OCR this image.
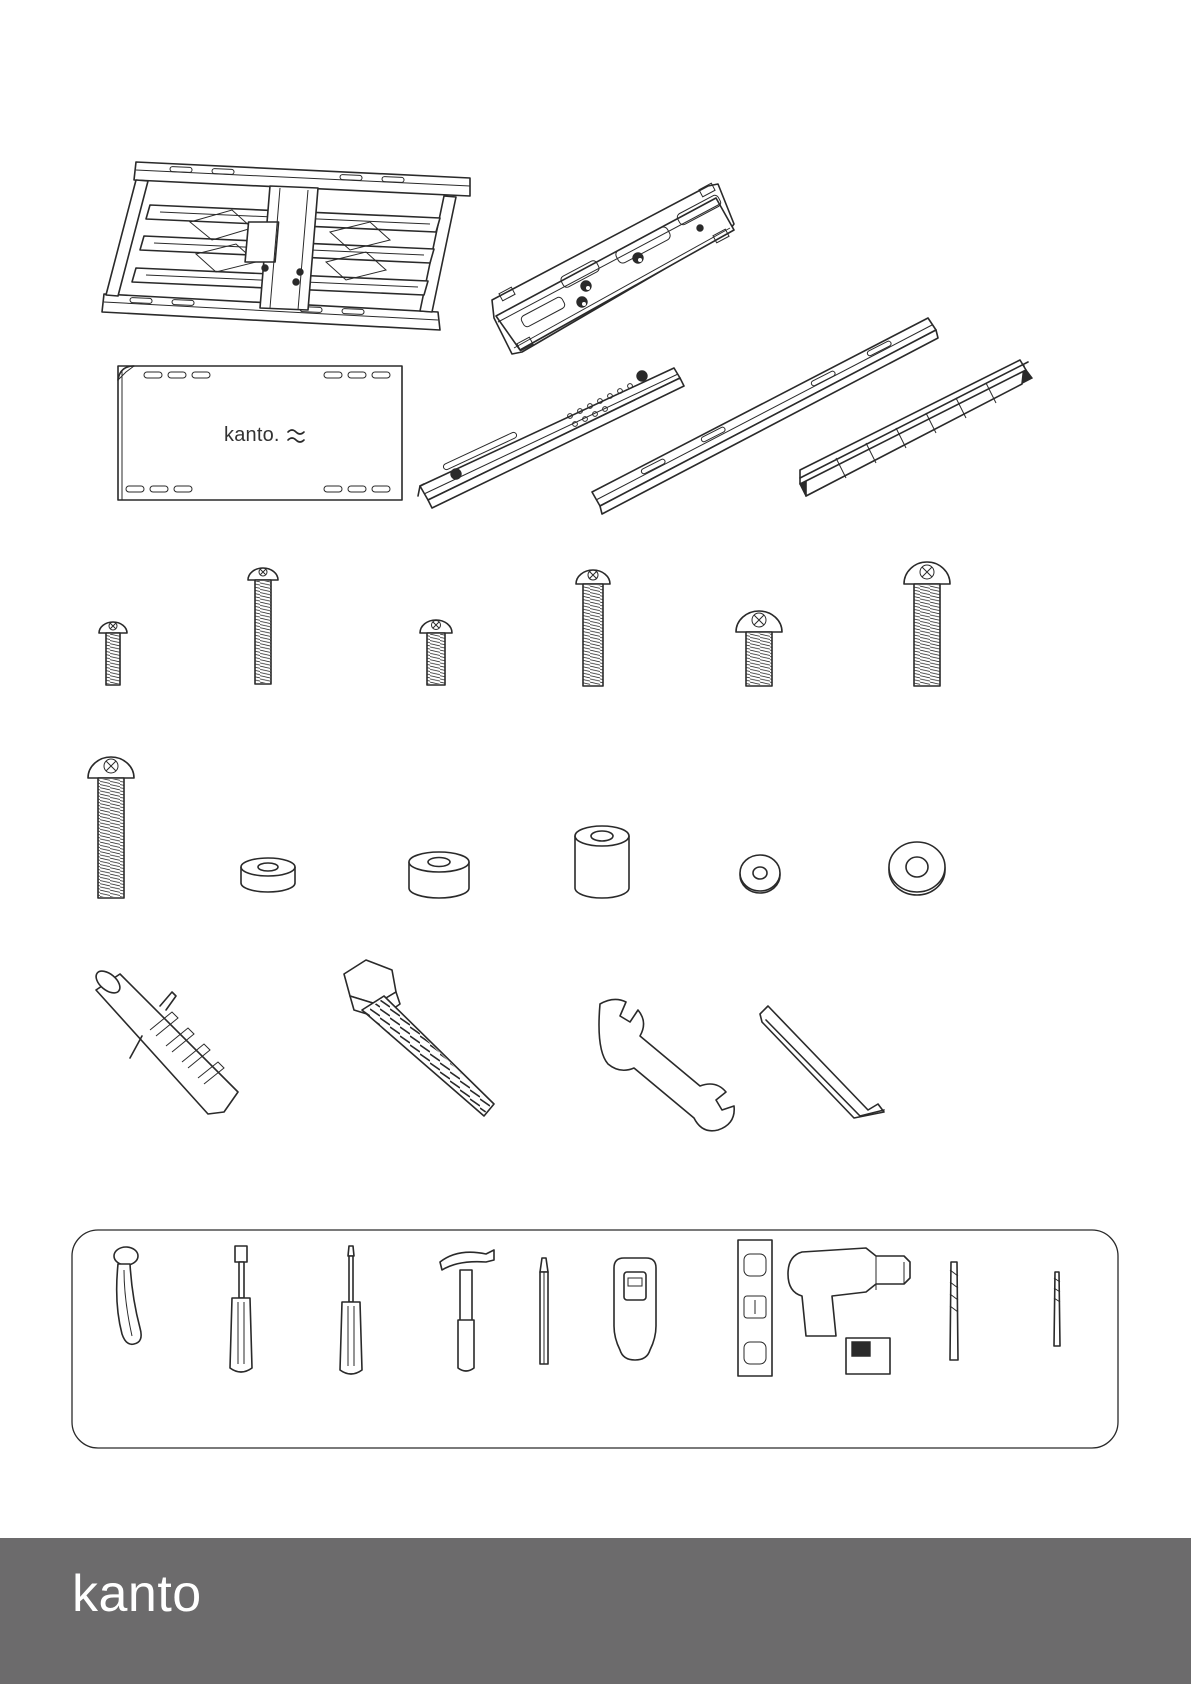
kanto.
kanto
